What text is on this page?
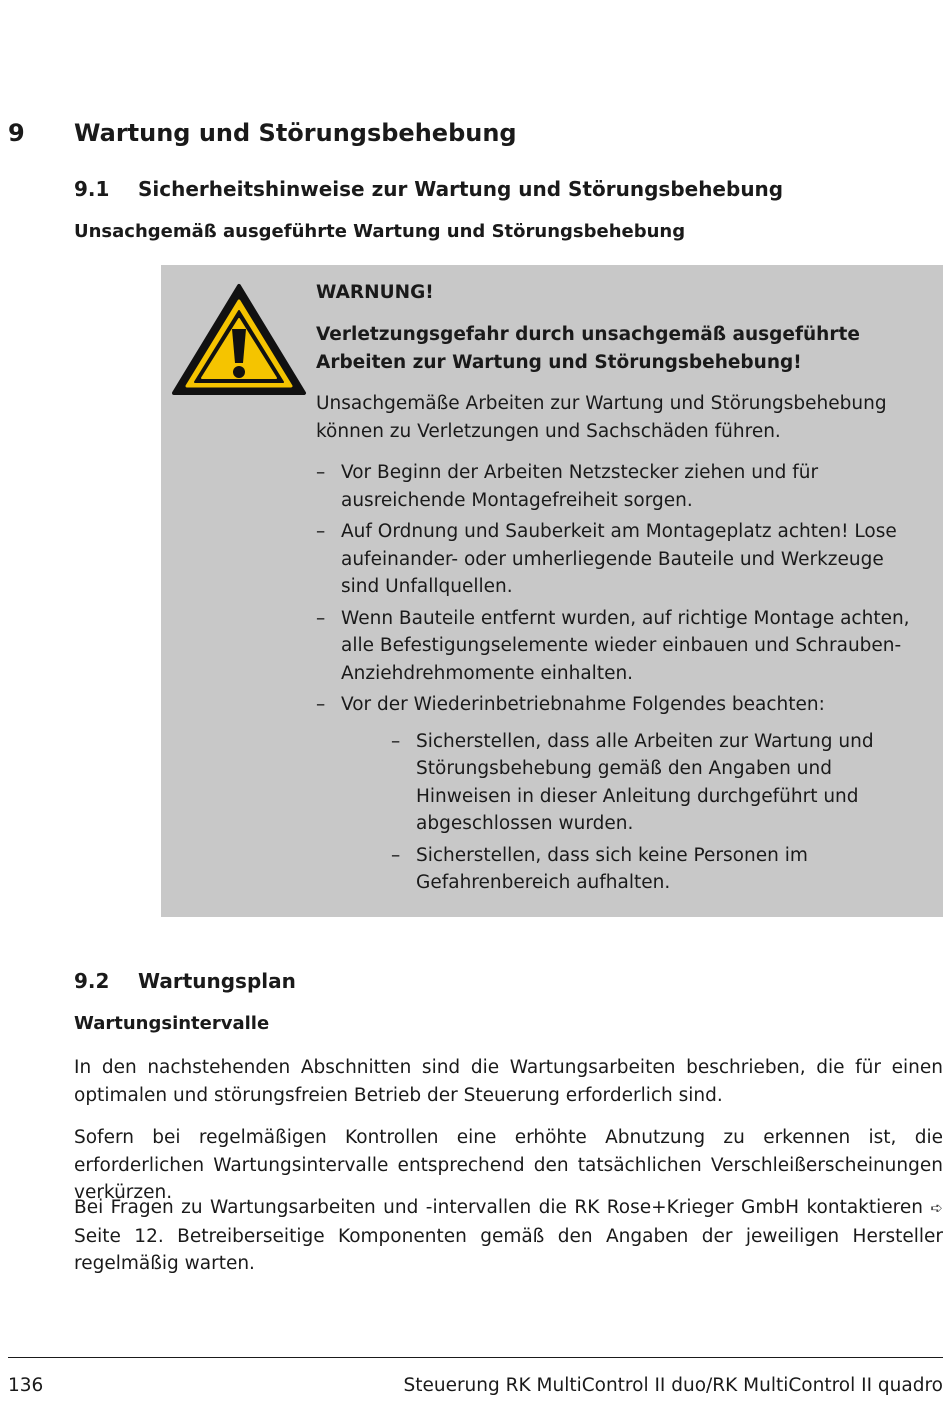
9 Wartung und Störungsbehebung
9.1 Sicherheitshinweise zur Wartung und Störungsbehebung
Unsachgemäß ausgeführte Wartung und Störungsbehebung
WARNUNG!
Verletzungsgefahr durch unsachgemäß ausgeführte Arbeiten zur Wartung und Störungsbehebung!
Unsachgemäße Arbeiten zur Wartung und Störungsbehebung können zu Verletzungen und Sachschäden führen.
– Vor Beginn der Arbeiten Netzstecker ziehen und für ausreichende Montagefreiheit sorgen.
– Auf Ordnung und Sauberkeit am Montageplatz achten! Lose aufeinander- oder umherliegende Bauteile und Werkzeuge sind Unfallquellen.
– Wenn Bauteile entfernt wurden, auf richtige Montage achten, alle Befestigungselemente wieder einbauen und Schrauben-Anziehdrehmomente einhalten.
– Vor der Wiederinbetriebnahme Folgendes beachten:
– Sicherstellen, dass alle Arbeiten zur Wartung und Störungsbehebung gemäß den Angaben und Hinweisen in dieser Anleitung durchgeführt und abgeschlossen wurden.
– Sicherstellen, dass sich keine Personen im Gefahrenbereich aufhalten.
9.2 Wartungsplan
Wartungsintervalle
In den nachstehenden Abschnitten sind die Wartungsarbeiten beschrieben, die für einen optimalen und störungsfreien Betrieb der Steuerung erforderlich sind.
Sofern bei regelmäßigen Kontrollen eine erhöhte Abnutzung zu erkennen ist, die erforderlichen Wartungsintervalle entsprechend den tatsächlichen Verschleißerscheinungen verkürzen.
Bei Fragen zu Wartungsarbeiten und -intervallen die RK Rose+Krieger GmbH kontaktieren ➪ Seite 12. Betreiberseitige Komponenten gemäß den Angaben der jeweiligen Hersteller regelmäßig warten.
136	Steuerung RK MultiControl II duo/RK MultiControl II quadro
